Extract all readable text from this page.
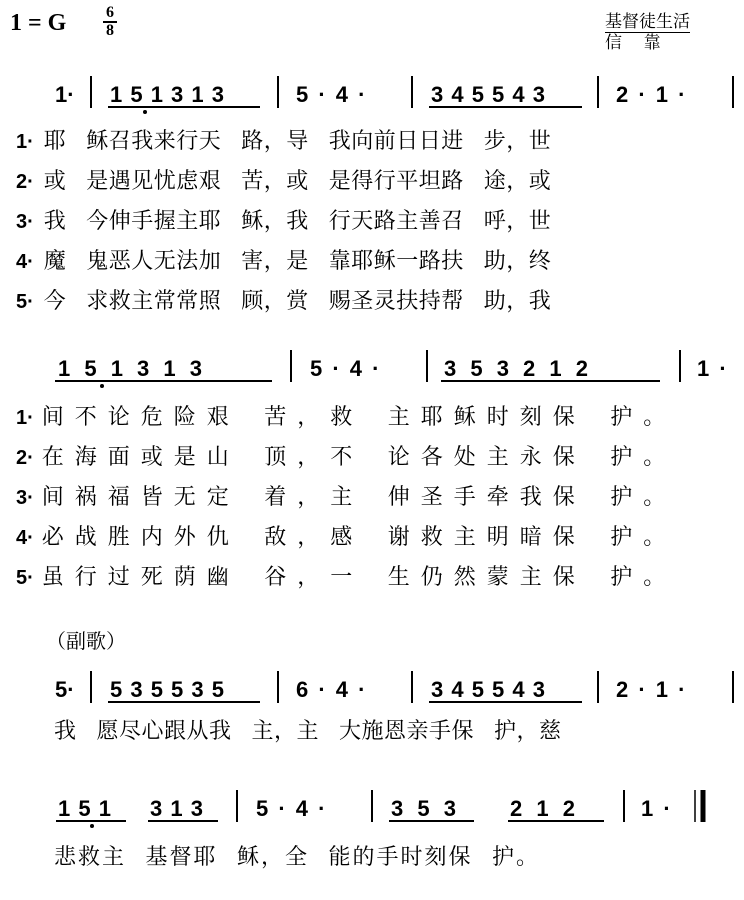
1 = G 6
8	基督徒生活
信    靠
1· 1 5 1 3 1 3	5 · 4 ·	3 4 5 5 4 3	2 · 1 ·
1 5 1 3 1 3	5 · 4 ·	3 5 3 2 1 2	1 ·
5· 5 3 5 5 3 5	6 · 4 ·	3 4 5 5 4 3	2 · 1 ·
1 5 1 3 1 3 5 · 4 ·	3 5 3 2 1 2	1 ·
1· 耶 稣召我来行天 路，导 我向前日日进 步，世
2· 或 是遇见忧虑艰 苦，或 是得行平坦路 途，或
3· 我 今伸手握主耶 稣，我 行天路主善召 呼，世
4· 魔 鬼恶人无法加 害，是 靠耶稣一路扶 助，终
5· 今 求救主常常照 顾，赏 赐圣灵扶持帮 助，我
1· 间不论危险艰 苦，救 主耶稣时刻保 护。
2· 在海面或是山 顶，不 论各处主永保 护。
3· 间祸福皆无定 着，主 伸圣手牵我保 护。
4· 必战胜内外仇 敌，感 谢救主明暗保 护。
5· 虽行过死荫幽 谷，一 生仍然蒙主保 护。
（副歌）
我 愿尽心跟从我 主，主 大施恩亲手保 护，慈
悲救主 基督耶 稣，全 能的手时刻保 护。
